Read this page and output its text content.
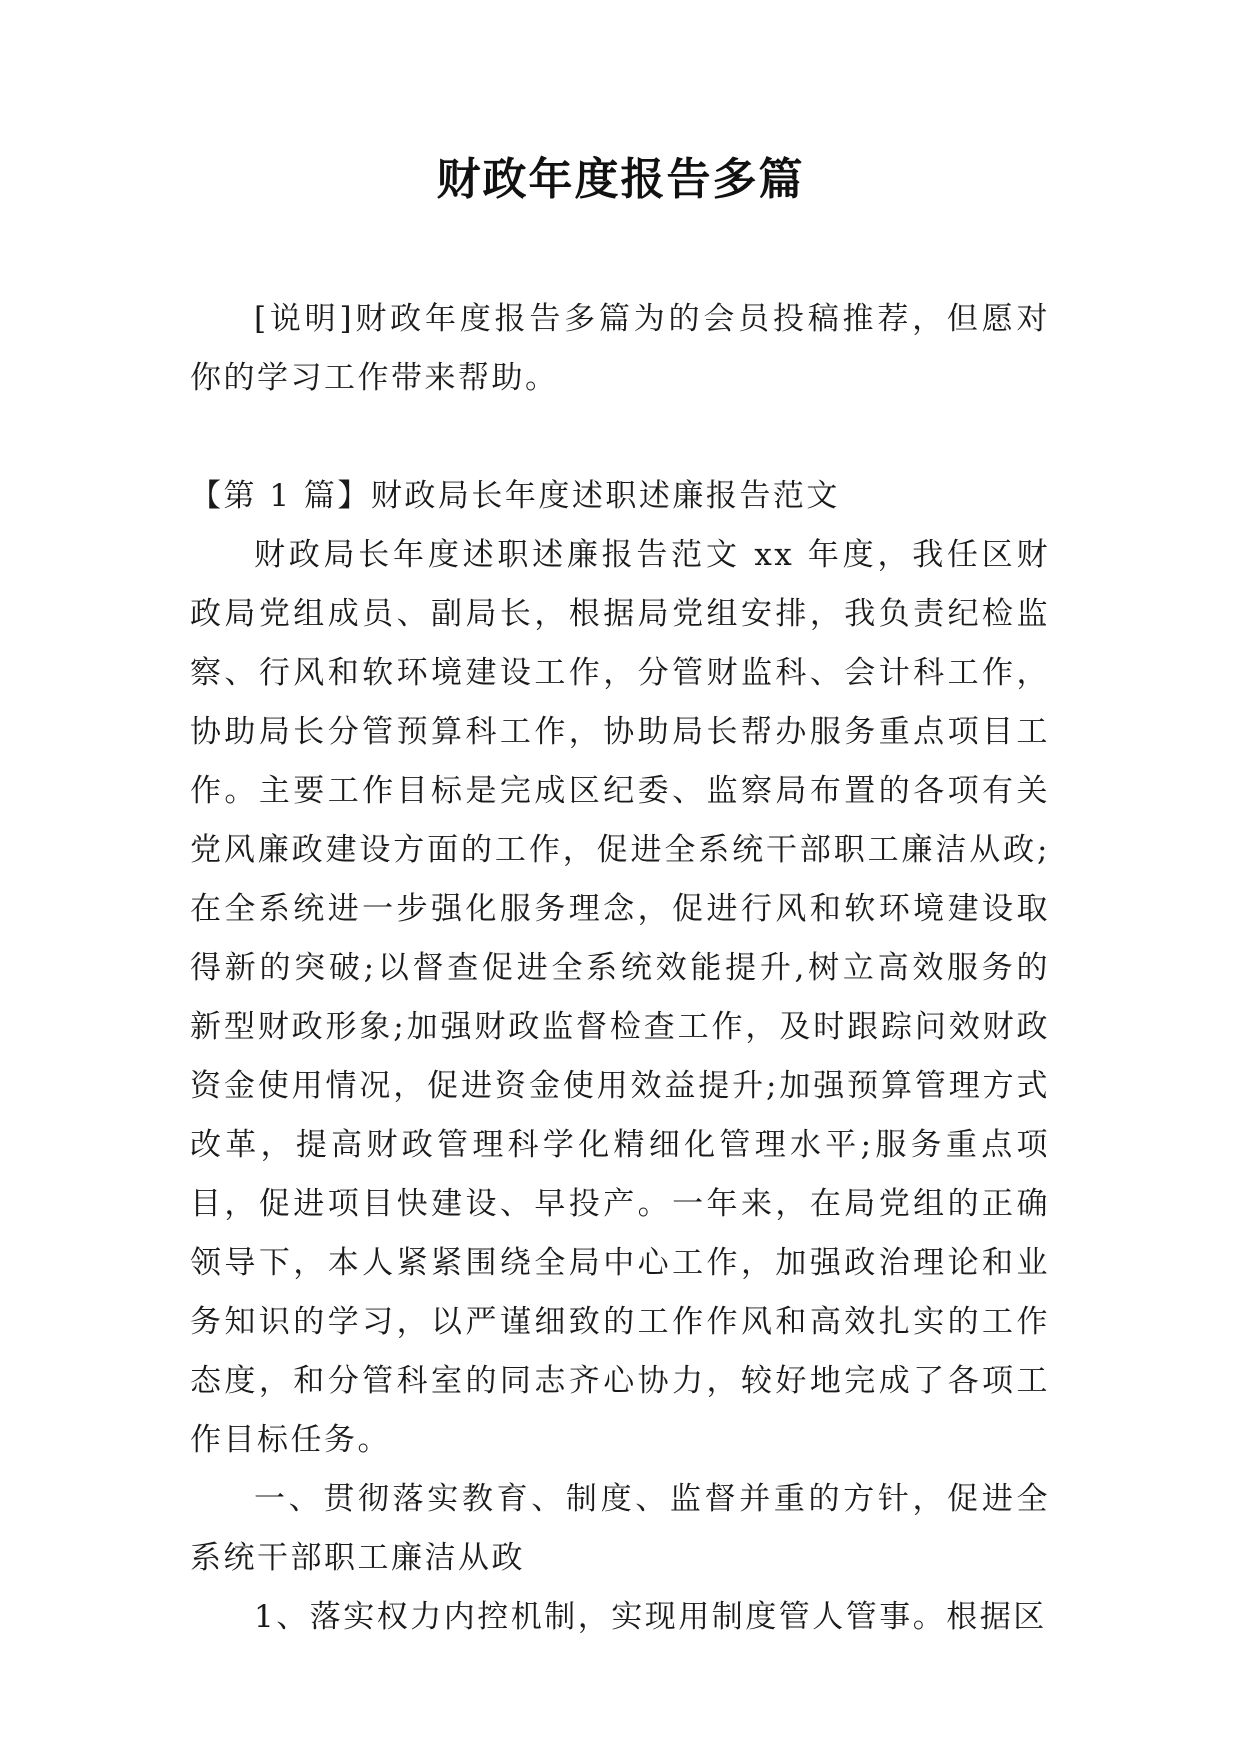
财政年度报告多篇

[说明]财政年度报告多篇为的会员投稿推荐，但愿对你的学习工作带来帮助。

【第 1 篇】财政局长年度述职述廉报告范文

财政局长年度述职述廉报告范文 xx 年度，我任区财政局党组成员、副局长，根据局党组安排，我负责纪检监察、行风和软环境建设工作，分管财监科、会计科工作，协助局长分管预算科工作，协助局长帮办服务重点项目工作。主要工作目标是完成区纪委、监察局布置的各项有关党风廉政建设方面的工作，促进全系统干部职工廉洁从政;在全系统进一步强化服务理念，促进行风和软环境建设取得新的突破;以督查促进全系统效能提升,树立高效服务的新型财政形象;加强财政监督检查工作，及时跟踪问效财政资金使用情况，促进资金使用效益提升;加强预算管理方式改革，提高财政管理科学化精细化管理水平;服务重点项目，促进项目快建设、早投产。一年来，在局党组的正确领导下，本人紧紧围绕全局中心工作，加强政治理论和业务知识的学习，以严谨细致的工作作风和高效扎实的工作态度，和分管科室的同志齐心协力，较好地完成了各项工作目标任务。

一、贯彻落实教育、制度、监督并重的方针，促进全系统干部职工廉洁从政

1、落实权力内控机制，实现用制度管人管事。根据区
